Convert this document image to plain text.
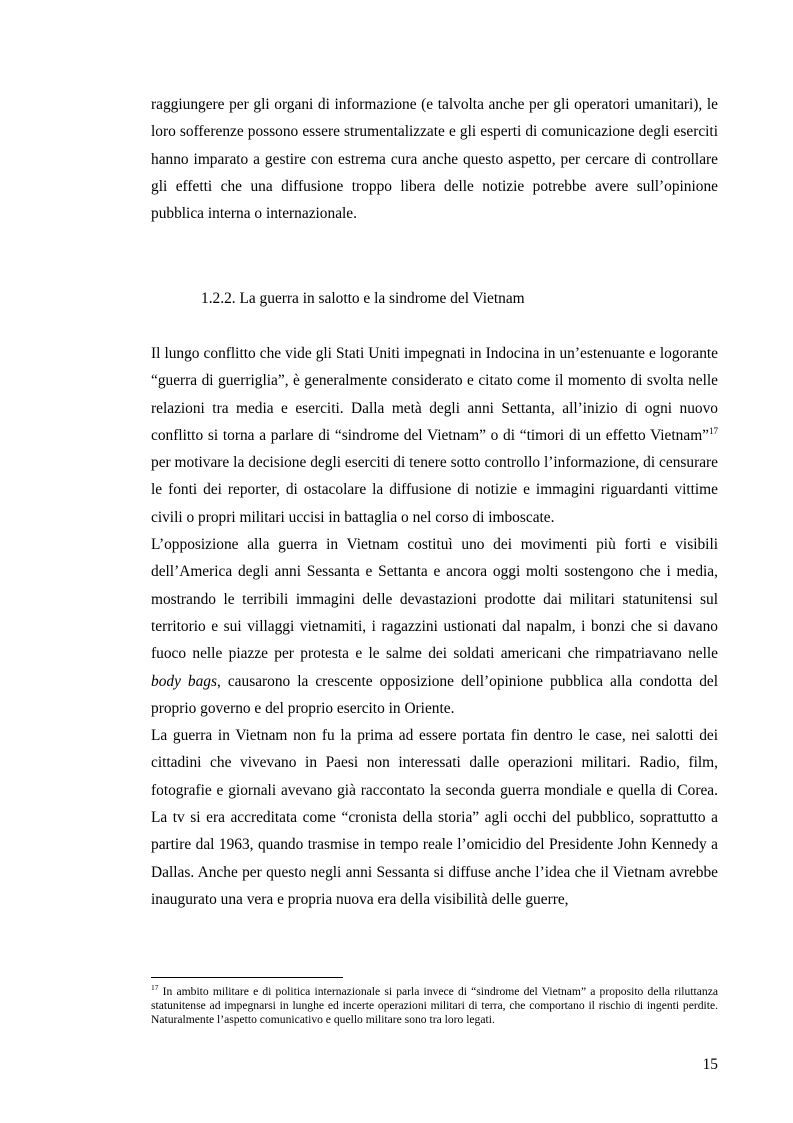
raggiungere per gli organi di informazione (e talvolta anche per gli operatori umanitari), le loro sofferenze possono essere strumentalizzate e gli esperti di comunicazione degli eserciti hanno imparato a gestire con estrema cura anche questo aspetto, per cercare di controllare gli effetti che una diffusione troppo libera delle notizie potrebbe avere sull’opinione pubblica interna o internazionale.

1.2.2. La guerra in salotto e la sindrome del Vietnam

Il lungo conflitto che vide gli Stati Uniti impegnati in Indocina in un’estenuante e logorante “guerra di guerriglia”, è generalmente considerato e citato come il momento di svolta nelle relazioni tra media e eserciti. Dalla metà degli anni Settanta, all’inizio di ogni nuovo conflitto si torna a parlare di “sindrome del Vietnam” o di “timori di un effetto Vietnam”$^{17}$ per motivare la decisione degli eserciti di tenere sotto controllo l’informazione, di censurare le fonti dei reporter, di ostacolare la diffusione di notizie e immagini riguardanti vittime civili o propri militari uccisi in battaglia o nel corso di imboscate.

L’opposizione alla guerra in Vietnam costituì uno dei movimenti più forti e visibili dell’America degli anni Sessanta e Settanta e ancora oggi molti sostengono che i media, mostrando le terribili immagini delle devastazioni prodotte dai militari statunitensi sul territorio e sui villaggi vietnamiti, i ragazzini ustionati dal napalm, i bonzi che si davano fuoco nelle piazze per protesta e le salme dei soldati americani che rimpatriavano nelle body bags, causarono la crescente opposizione dell’opinione pubblica alla condotta del proprio governo e del proprio esercito in Oriente.

La guerra in Vietnam non fu la prima ad essere portata fin dentro le case, nei salotti dei cittadini che vivevano in Paesi non interessati dalle operazioni militari. Radio, film, fotografie e giornali avevano già raccontato la seconda guerra mondiale e quella di Corea. La tv si era accreditata come “cronista della storia” agli occhi del pubblico, soprattutto a partire dal 1963, quando trasmise in tempo reale l’omicidio del Presidente John Kennedy a Dallas. Anche per questo negli anni Sessanta si diffuse anche l’idea che il Vietnam avrebbe inaugurato una vera e propria nuova era della visibilità delle guerre,

$^{17}$ In ambito militare e di politica internazionale si parla invece di “sindrome del Vietnam” a proposito della riluttanza statunitense ad impegnarsi in lunghe ed incerte operazioni militari di terra, che comportano il rischio di ingenti perdite. Naturalmente l’aspetto comunicativo e quello militare sono tra loro legati.

15
